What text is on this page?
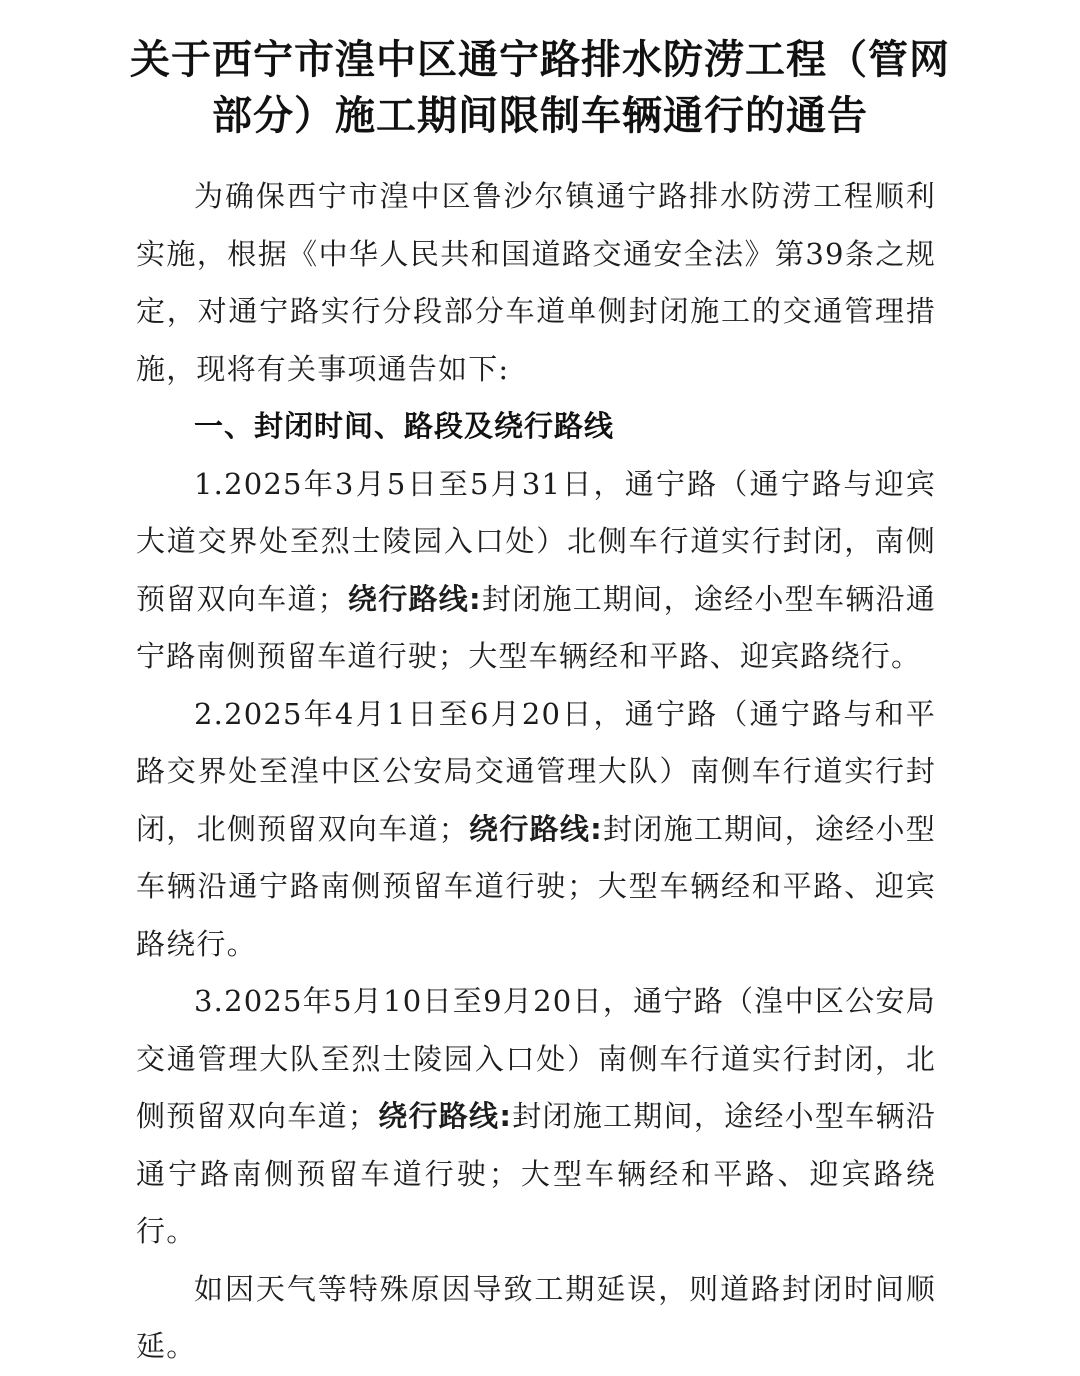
关于西宁市湟中区通宁路排水防涝工程（管网
部分）施工期间限制车辆通行的通告

为确保西宁市湟中区鲁沙尔镇通宁路排水防涝工程顺利实施，根据《中华人民共和国道路交通安全法》第39条之规定，对通宁路实行分段部分车道单侧封闭施工的交通管理措施，现将有关事项通告如下:

一、封闭时间、路段及绕行路线

1.2025年3月5日至5月31日，通宁路（通宁路与迎宾大道交界处至烈士陵园入口处）北侧车行道实行封闭，南侧预留双向车道；绕行路线:封闭施工期间，途经小型车辆沿通宁路南侧预留车道行驶；大型车辆经和平路、迎宾路绕行。

2.2025年4月1日至6月20日，通宁路（通宁路与和平路交界处至湟中区公安局交通管理大队）南侧车行道实行封闭，北侧预留双向车道；绕行路线:封闭施工期间，途经小型车辆沿通宁路南侧预留车道行驶；大型车辆经和平路、迎宾路绕行。

3.2025年5月10日至9月20日，通宁路（湟中区公安局交通管理大队至烈士陵园入口处）南侧车行道实行封闭，北侧预留双向车道；绕行路线:封闭施工期间，途经小型车辆沿通宁路南侧预留车道行驶；大型车辆经和平路、迎宾路绕行。

如因天气等特殊原因导致工期延误，则道路封闭时间顺延。
